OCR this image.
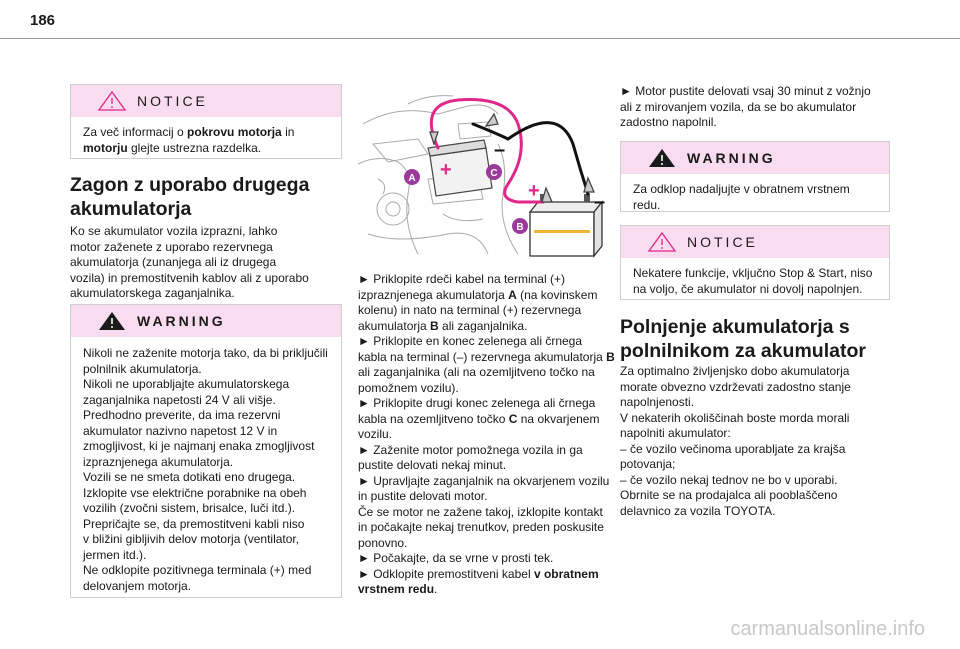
186
NOTICE
Za več informacij o pokrovu motorja in motorju glejte ustrezna razdelka.
Zagon z uporabo drugega
akumulatorja

Ko se akumulator vozila izprazni, lahko

motor zaženete z uporabo rezervnega

akumulatorja (zunanjega ali iz drugega

vozila) in premostitvenih kablov ali z uporabo

akumulatorskega zaganjalnika.

WARNING
Nikoli ne zaženite motorja tako, da bi priključili
polnilnik akumulatorja.
Nikoli ne uporabljajte akumulatorskega
zaganjalnika napetosti 24 V ali višje.
Predhodno preverite, da ima rezervni
akumulator nazivno napetost 12 V in
zmogljivost, ki je najmanj enaka zmogljivost
izpraznjenega akumulatorja.
Vozili se ne smeta dotikati eno drugega.
Izklopite vse električne porabnike na obeh
vozilih (zvočni sistem, brisalce, luči itd.).
Prepričajte se, da premostitveni kabli niso
v bližini gibljivih delov motorja (ventilator,
jermen itd.).
Ne odklopite pozitivnega terminala (+) med
delovanjem motorja.
+
+
–
–
A	C
B

► Priklopite rdeči kabel na terminal (+)

izpraznjenega akumulatorja A (na kovinskem

kolenu) in nato na terminal (+) rezervnega

akumulatorja B ali zaganjalnika.

► Priklopite en konec zelenega ali črnega

kabla na terminal (–) rezervnega akumulatorja B

ali zaganjalnika (ali na ozemljitveno točko na

pomožnem vozilu).

► Priklopite drugi konec zelenega ali črnega

kabla na ozemljitveno točko C na okvarjenem

vozilu.

► Zaženite motor pomožnega vozila in ga

pustite delovati nekaj minut.

► Upravljajte zaganjalnik na okvarjenem vozilu

in pustite delovati motor.

Če se motor ne zažene takoj, izklopite kontakt

in počakajte nekaj trenutkov, preden poskusite

ponovno.

► Počakajte, da se vrne v prosti tek.

► Odklopite premostitveni kabel v obratnem

vrstnem redu.

► Motor pustite delovati vsaj 30 minut z vožnjo

ali z mirovanjem vozila, da se bo akumulator

zadostno napolnil.

WARNING
Za odklop nadaljujte v obratnem vrstnem
redu.
NOTICE
Nekatere funkcije, vključno Stop & Start, niso
na voljo, če akumulator ni dovolj napolnjen.
Polnjenje akumulatorja s
polnilnikom za akumulator

Za optimalno življenjsko dobo akumulatorja

morate obvezno vzdrževati zadostno stanje

napolnjenosti.

V nekaterih okoliščinah boste morda morali

napolniti akumulator:

– če vozilo večinoma uporabljate za krajša

potovanja;

– če vozilo nekaj tednov ne bo v uporabi.

Obrnite se na prodajalca ali pooblaščeno

delavnico za vozila TOYOTA.

carmanualsonline.info
